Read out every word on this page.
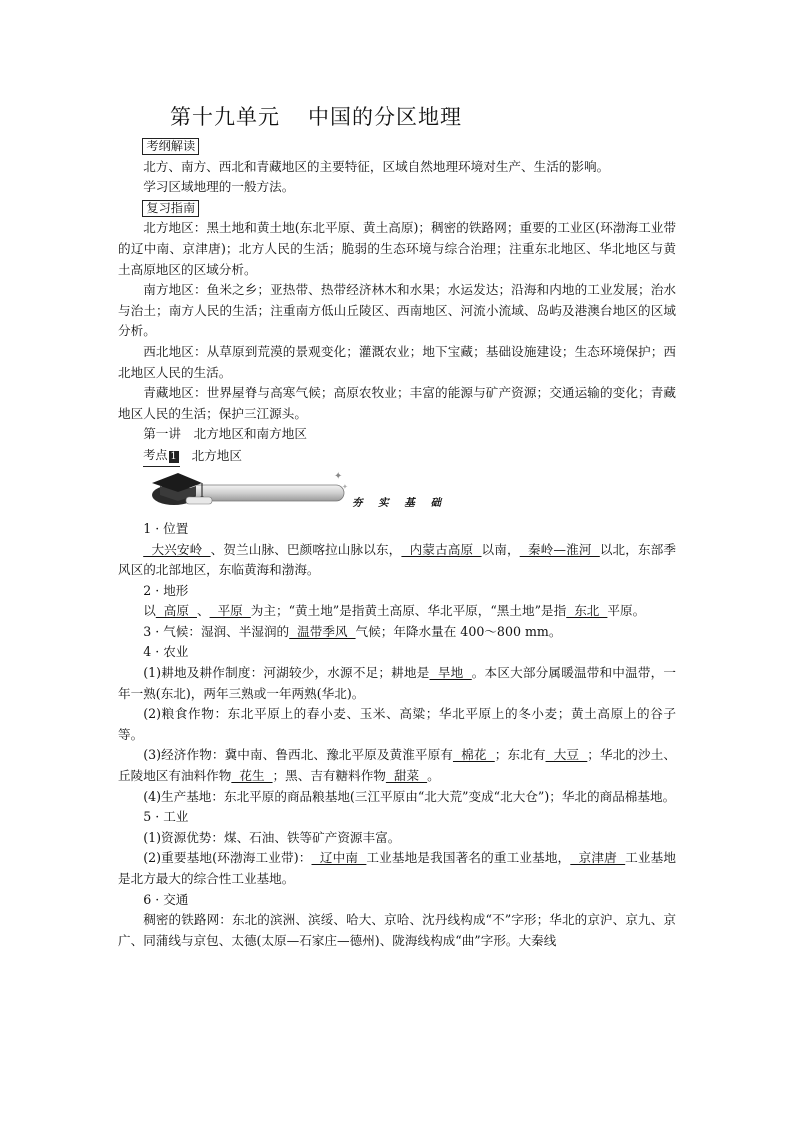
第十九单元 中国的分区地理
考纲解读

北方、南方、西北和青藏地区的主要特征，区域自然地理环境对生产、生活的影响。

学习区域地理的一般方法。

复习指南

北方地区：黑土地和黄土地(东北平原、黄土高原)；稠密的铁路网；重要的工业区(环渤海工业带的辽中南、京津唐)；北方人民的生活；脆弱的生态环境与综合治理；注重东北地区、华北地区与黄土高原地区的区域分析。

南方地区：鱼米之乡；亚热带、热带经济林木和水果；水运发达；沿海和内地的工业发展；治水与治土；南方人民的生活；注重南方低山丘陵区、西南地区、河流小流域、岛屿及港澳台地区的区域分析。

西北地区：从草原到荒漠的景观变化；灌溉农业；地下宝藏；基础设施建设；生态环境保护；西北地区人民的生活。

青藏地区：世界屋脊与高寒气候；高原农牧业；丰富的能源与矿产资源；交通运输的变化；青藏地区人民的生活；保护三江源头。

第一讲　北方地区和南方地区

考点 1 北方地区
✦
✦
夯 实 基 础

1 · 位置

大兴安岭  、贺兰山脉、巴颜喀拉山脉以东，  内蒙古高原  以南，  秦岭—淮河  以北，东部季风区的北部地区，东临黄海和渤海。

2 · 地形

以  高原  、  平原  为主；“黄土地”是指黄土高原、华北平原，“黑土地”是指  东北  平原。

3 · 气候：湿润、半湿润的  温带季风  气候；年降水量在 400～800 mm。

4 · 农业

(1)耕地及耕作制度：河湖较少，水源不足；耕地是  旱地  。本区大部分属暖温带和中温带，一年一熟(东北)，两年三熟或一年两熟(华北)。

(2)粮食作物：东北平原上的春小麦、玉米、高粱；华北平原上的冬小麦；黄土高原上的谷子等。

(3)经济作物：冀中南、鲁西北、豫北平原及黄淮平原有  棉花  ；东北有  大豆  ；华北的沙土、丘陵地区有油料作物  花生  ；黑、吉有糖料作物  甜菜  。

(4)生产基地：东北平原的商品粮基地(三江平原由“北大荒”变成“北大仓”)；华北的商品棉基地。

5 · 工业

(1)资源优势：煤、石油、铁等矿产资源丰富。

(2)重要基地(环渤海工业带)：  辽中南  工业基地是我国著名的重工业基地，  京津唐  工业基地是北方最大的综合性工业基地。

6 · 交通

稠密的铁路网：东北的滨洲、滨绥、哈大、京哈、沈丹线构成“不”字形；华北的京沪、京九、京广、同蒲线与京包、太德(太原—石家庄—德州)、陇海线构成“曲”字形。大秦线
